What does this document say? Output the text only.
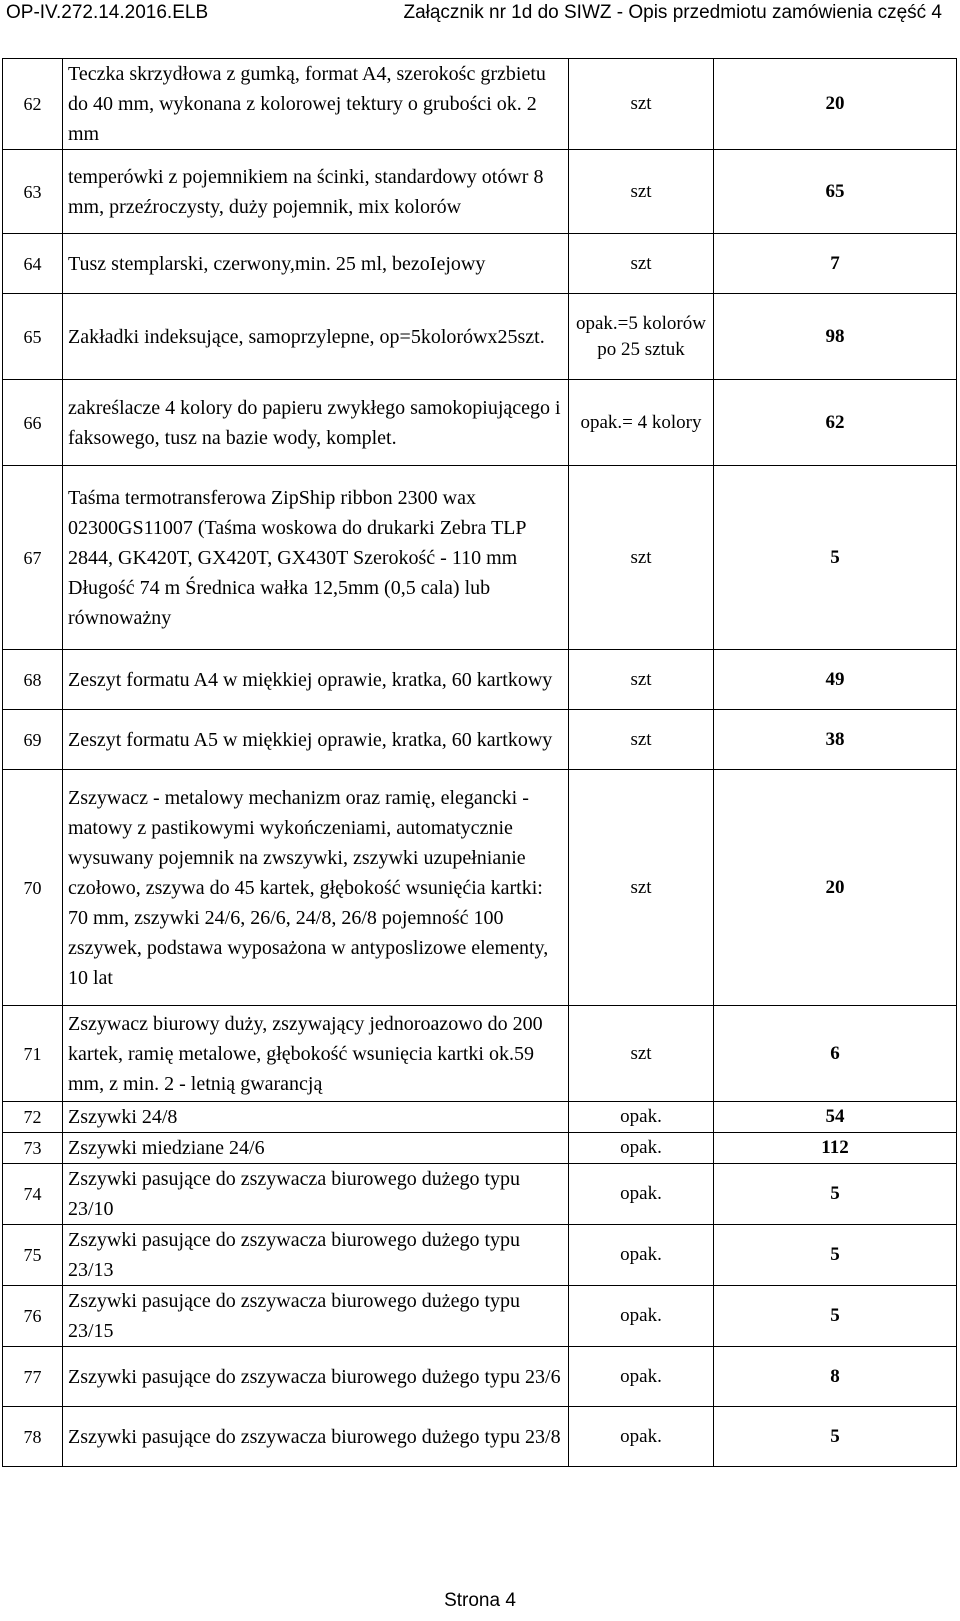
OP-IV.272.14.2016.ELB	Załącznik nr 1d do SIWZ - Opis przedmiotu zamówienia część 4
62	Teczka skrzydłowa z gumką, format A4, szerokośc grzbietu do 40 mm, wykonana z kolorowej tektury o grubości ok. 2 mm	szt	20
63	temperówki z pojemnikiem na ścinki, standardowy otówr 8 mm, przeźroczysty, duży pojemnik, mix kolorów	szt	65
64	Tusz stemplarski, czerwony,min. 25 ml, bezoIejowy	szt	7
65	Zakładki indeksujące, samoprzylepne, op=5kolorówx25szt.	opak.=5 kolorów po 25 sztuk	98
66	zakreślacze 4 kolory do papieru zwykłego samokopiującego i faksowego, tusz na bazie wody, komplet.	opak.= 4 kolory	62
67	Taśma termotransferowa ZipShip ribbon 2300 wax 02300GS11007 (Taśma woskowa do drukarki Zebra TLP 2844, GK420T, GX420T, GX430T Szerokość - 110 mm Długość 74 m Średnica wałka 12,5mm (0,5 cala) lub równoważny	szt	5
68	Zeszyt formatu A4 w miękkiej oprawie, kratka, 60 kartkowy	szt	49
69	Zeszyt formatu A5 w miękkiej oprawie, kratka, 60 kartkowy	szt	38
70	Zszywacz - metalowy mechanizm oraz ramię, elegancki - matowy z pastikowymi wykończeniami, automatycznie wysuwany pojemnik na zwszywki, zszywki uzupełnianie czołowo, zszywa do 45 kartek, głębokość wsunięćia kartki: 70 mm, zszywki 24/6, 26/6, 24/8, 26/8 pojemność 100 zszywek, podstawa wyposażona w antyposlizowe elementy, 10 lat	szt	20
71	Zszywacz biurowy duży, zszywający jednoroazowo do 200 kartek, ramię metalowe, głębokość wsunięcia kartki ok.59 mm, z min. 2 - letnią gwarancją	szt	6
72	Zszywki 24/8	opak.	54
73	Zszywki miedziane 24/6	opak.	112
74	Zszywki pasujące do zszywacza biurowego dużego typu 23/10	opak.	5
75	Zszywki pasujące do zszywacza biurowego dużego typu 23/13	opak.	5
76	Zszywki pasujące do zszywacza biurowego dużego typu 23/15	opak.	5
77	Zszywki pasujące do zszywacza biurowego dużego typu 23/6	opak.	8
78	Zszywki pasujące do zszywacza biurowego dużego typu 23/8	opak.	5
Strona 4
